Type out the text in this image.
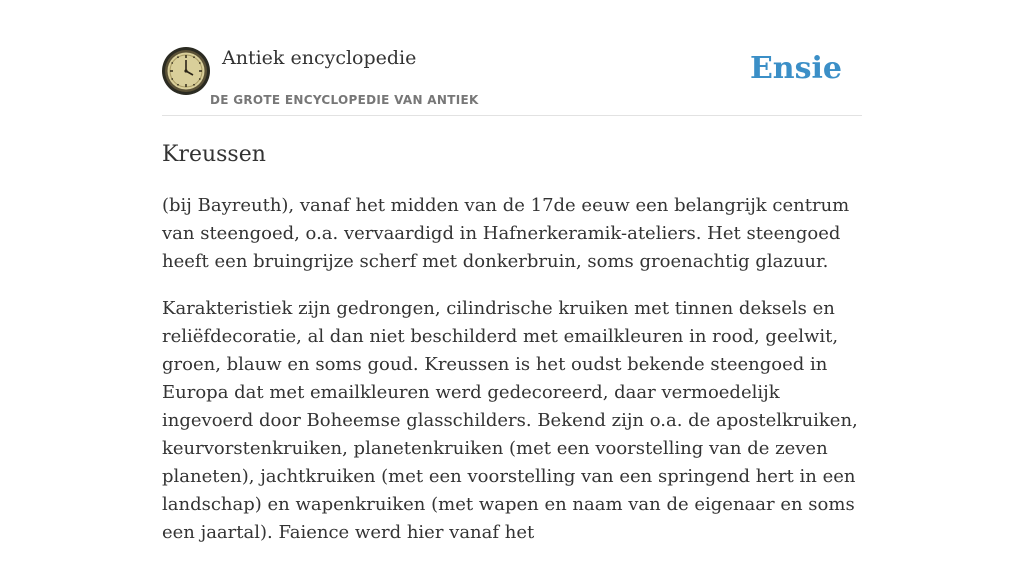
Antiek encyclopedie
DE GROTE ENCYCLOPEDIE VAN ANTIEK
Ensie
Kreussen

(bij Bayreuth), vanaf het midden van de 17de eeuw een belangrijk centrum van steengoed, o.a. vervaardigd in Hafnerkeramik-ateliers. Het steengoed heeft een bruingrijze scherf met donkerbruin, soms groenachtig glazuur.

Karakteristiek zijn gedrongen, cilindrische kruiken met tinnen deksels en reliëfdecoratie, al dan niet beschilderd met emailkleuren in rood, geelwit, groen, blauw en soms goud. Kreussen is het oudst bekende steengoed in Europa dat met emailkleuren werd gedecoreerd, daar vermoedelijk ingevoerd door Boheemse glasschilders. Bekend zijn o.a. de apostelkruiken, keurvorstenkruiken, planetenkruiken (met een voorstelling van de zeven planeten), jachtkruiken (met een voorstelling van een springend hert in een landschap) en wapenkruiken (met wapen en naam van de eigenaar en soms een jaartal). Faience werd hier vanaf het
